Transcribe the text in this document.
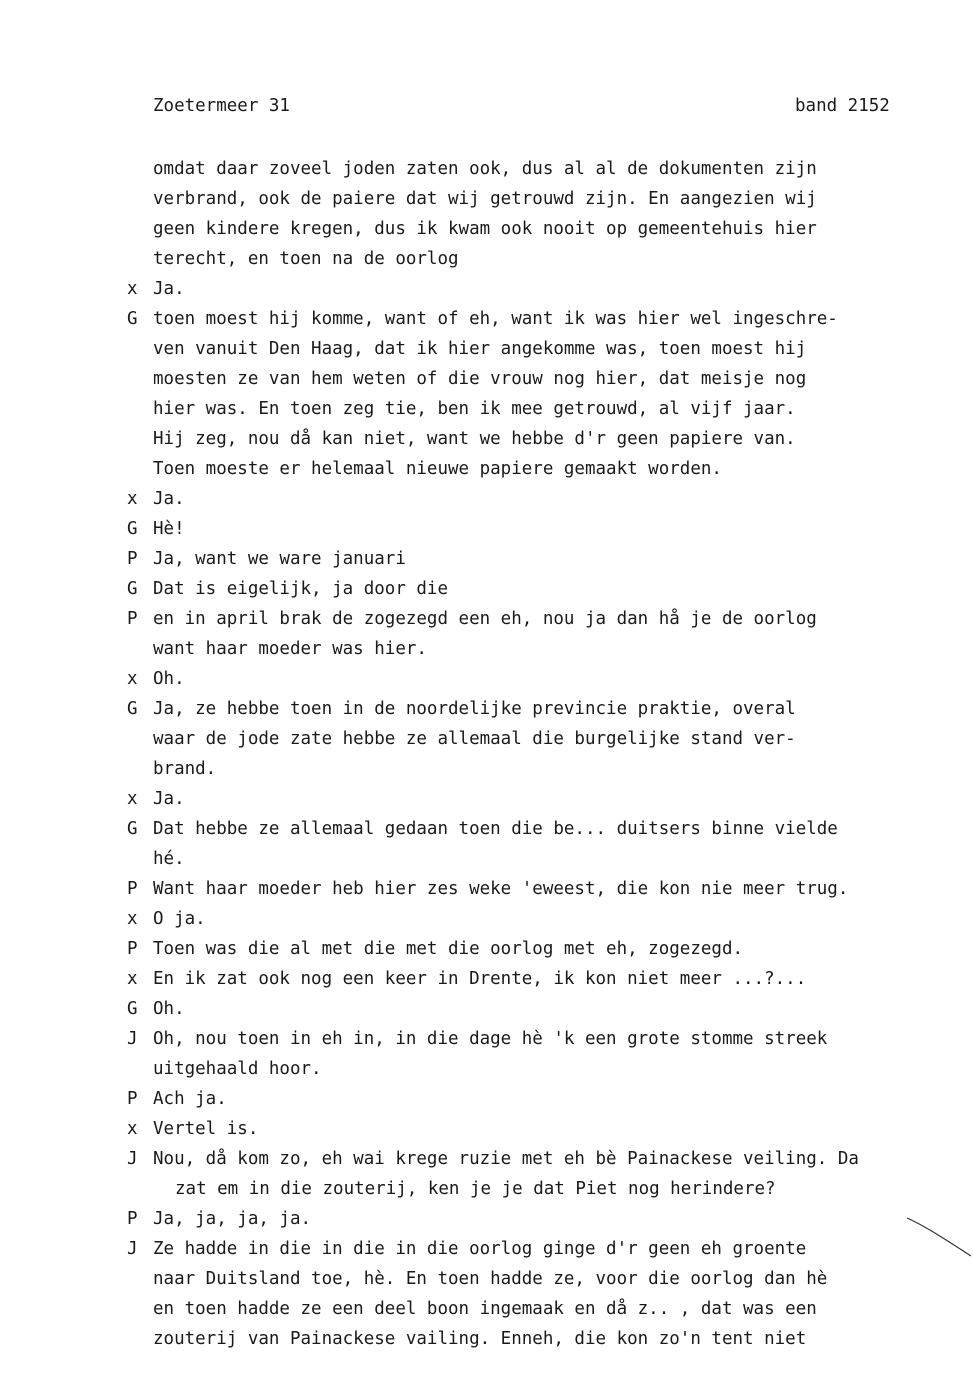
Zoetermeer 31	band 2152
omdat daar zoveel joden zaten ook, dus al al de dokumenten zijn
verbrand, ook de paiere dat wij getrouwd zijn. En aangezien wij
geen kindere kregen, dus ik kwam ook nooit op gemeentehuis hier
terecht, en toen na de oorlog
x Ja.
G toen moest hij komme, want of eh, want ik was hier wel ingeschre-
ven vanuit Den Haag, dat ik hier angekomme was, toen moest hij
moesten ze van hem weten of die vrouw nog hier, dat meisje nog
hier was. En toen zeg tie, ben ik mee getrouwd, al vijf jaar.
Hij zeg, nou då kan niet, want we hebbe d'r geen papiere van.
Toen moeste er helemaal nieuwe papiere gemaakt worden.
x Ja.
G Hè!
P Ja, want we ware januari
G Dat is eigelijk, ja door die
P en in april brak de zogezegd een eh, nou ja dan hå je de oorlog
want haar moeder was hier.
x Oh.
G Ja, ze hebbe toen in de noordelijke previncie praktie, overal
waar de jode zate hebbe ze allemaal die burgelijke stand ver-
brand.
x Ja.
G Dat hebbe ze allemaal gedaan toen die be... duitsers binne vielde
hé.
P Want haar moeder heb hier zes weke 'eweest, die kon nie meer trug.
x O ja.
P Toen was die al met die met die oorlog met eh, zogezegd.
x En ik zat ook nog een keer in Drente, ik kon niet meer ...?...
G Oh.
J Oh, nou toen in eh in, in die dage hè 'k een grote stomme streek
uitgehaald hoor.
P Ach ja.
x Vertel is.
J Nou, då kom zo, eh wai krege ruzie met eh bè Painackese veiling. Da
zat em in die zouterij, ken je je dat Piet nog herindere?
P Ja, ja, ja, ja.
J Ze hadde in die in die in die oorlog ginge d'r geen eh groente
naar Duitsland toe, hè. En toen hadde ze, voor die oorlog dan hè
en toen hadde ze een deel boon ingemaak en då z.. , dat was een
zouterij van Painackese vailing. Enneh, die kon zo'n tent niet
